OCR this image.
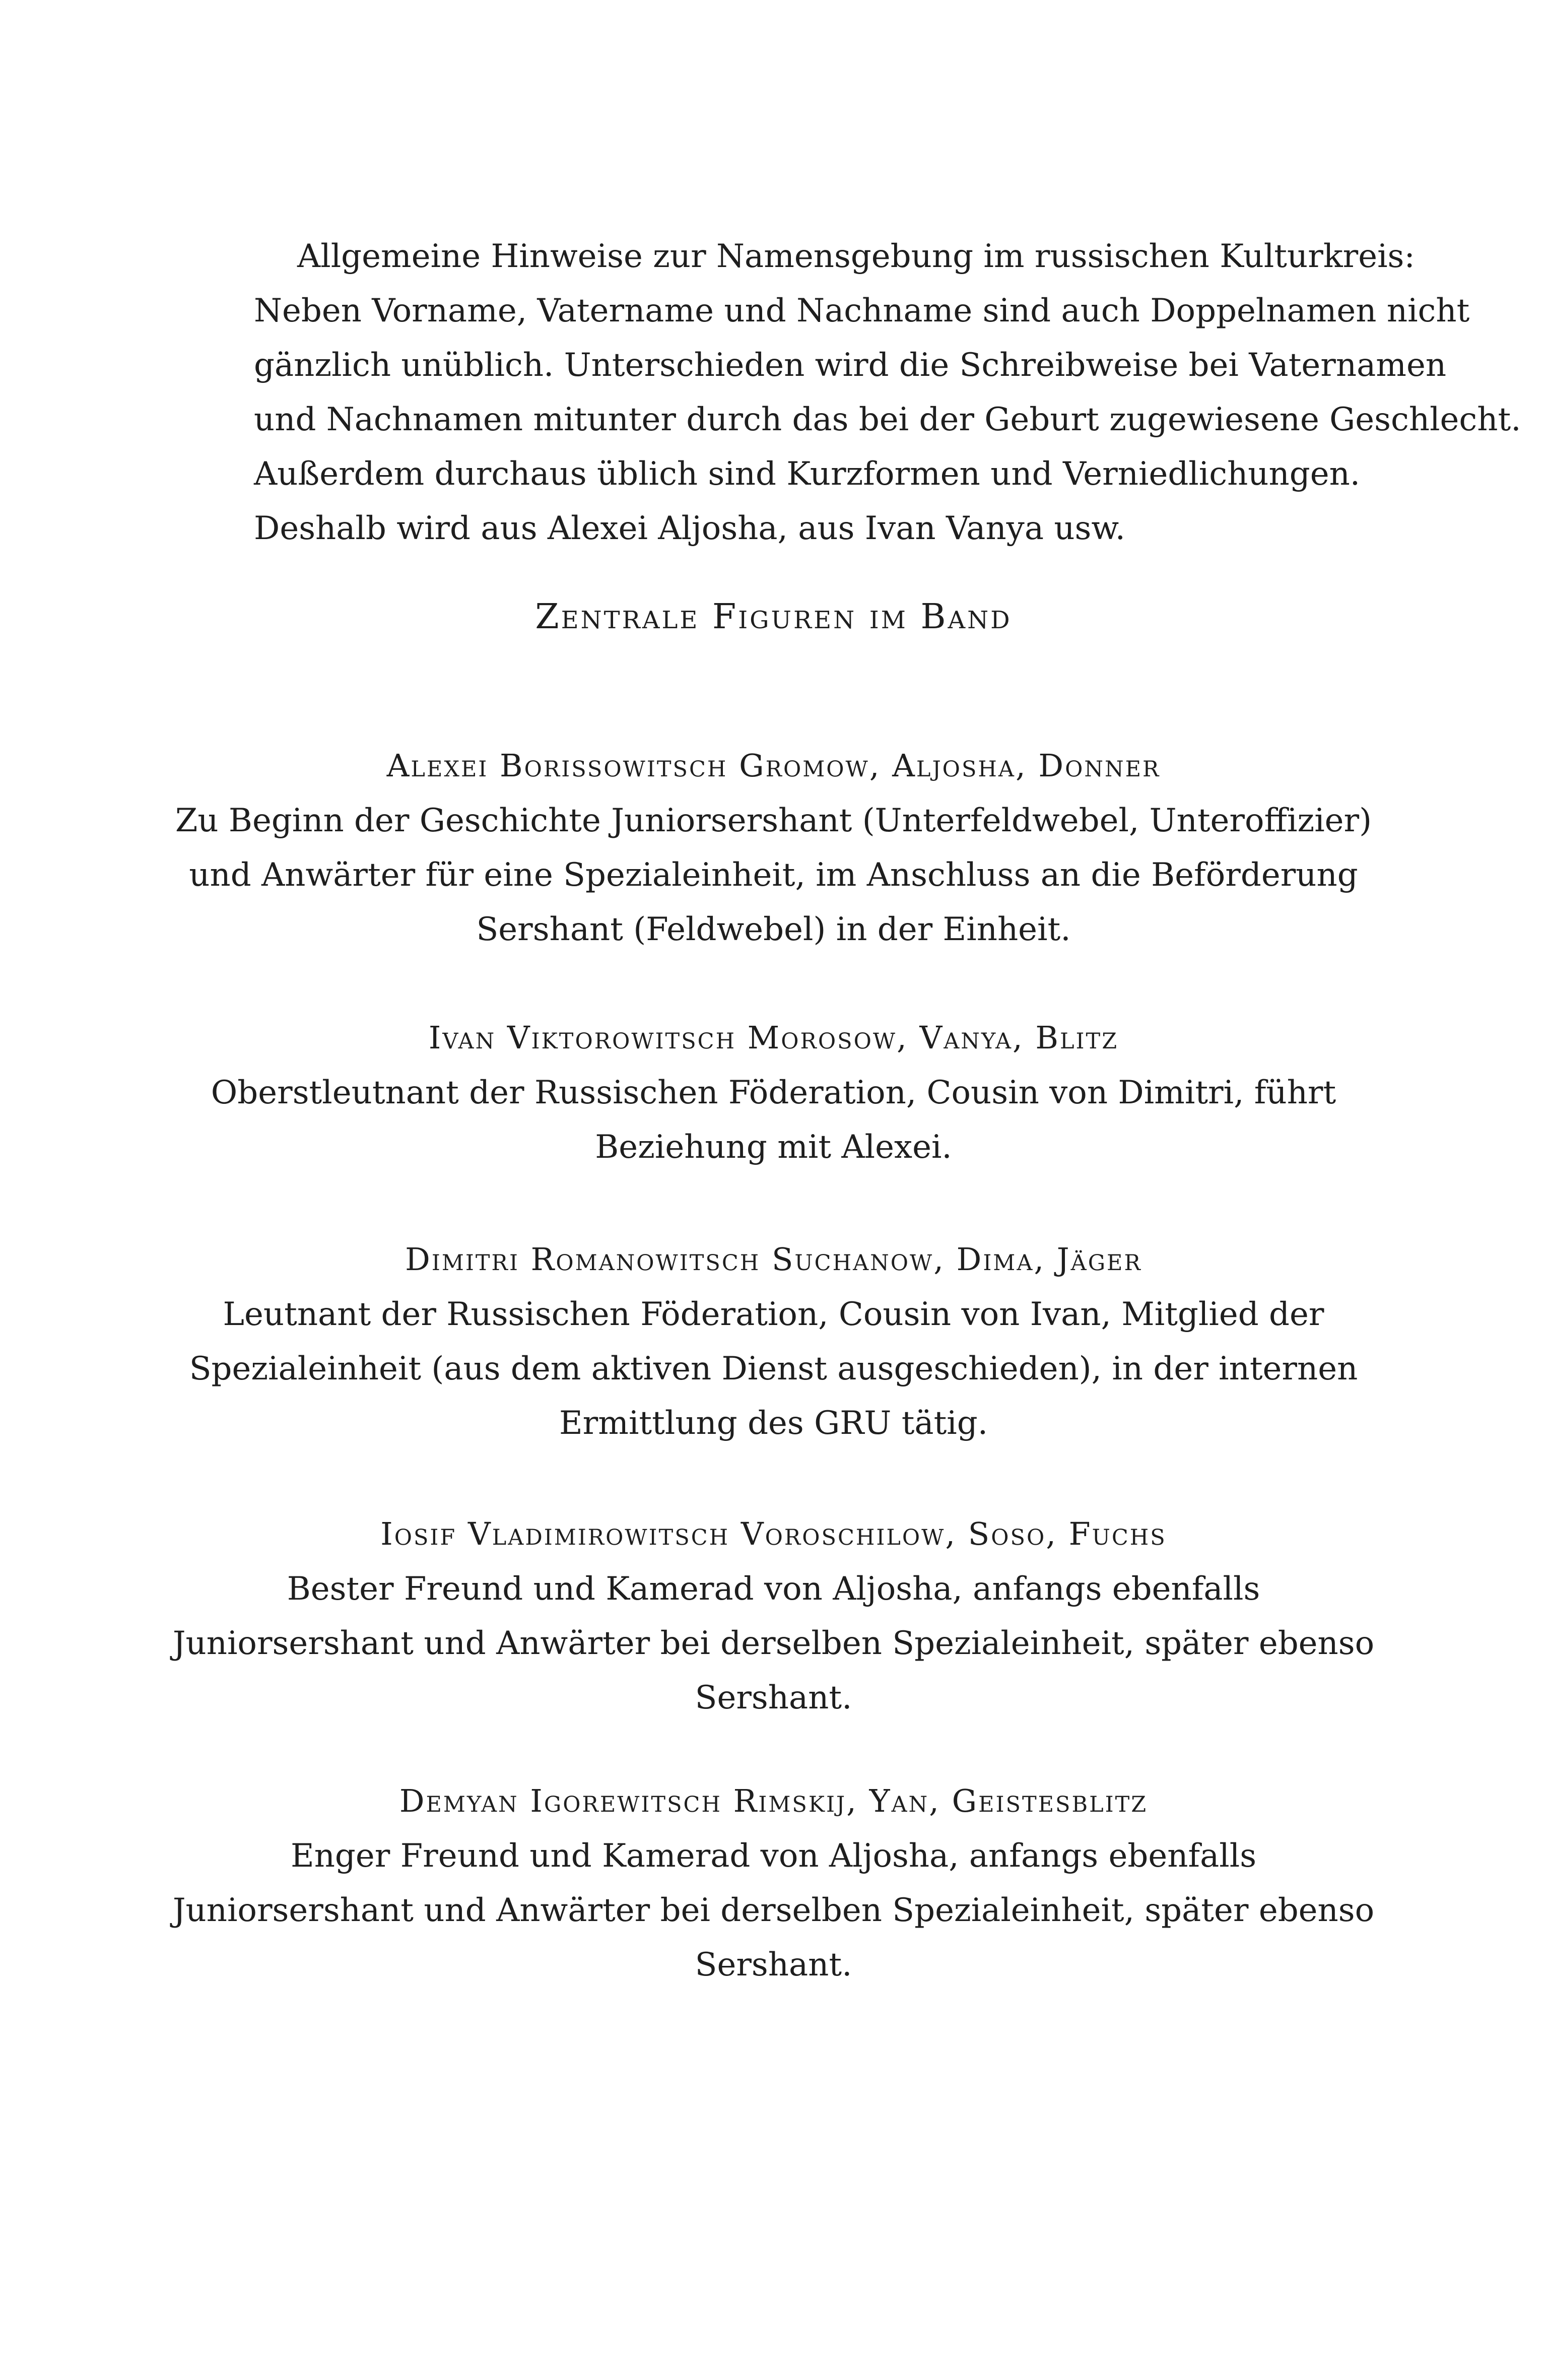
Allgemeine Hinweise zur Namensgebung im russischen Kulturkreis:
Neben Vorname, Vatername und Nachname sind auch Doppelnamen nicht
gänzlich unüblich. Unterschieden wird die Schreibweise bei Vaternamen
und Nachnamen mitunter durch das bei der Geburt zugewiesene Geschlecht.
Außerdem durchaus üblich sind Kurzformen und Verniedlichungen.
Deshalb wird aus Alexei Aljosha, aus Ivan Vanya usw.

Zentrale Figuren im Band
Alexei Borissowitsch Gromow, Aljosha, Donner

Zu Beginn der Geschichte Juniorsershant (Unterfeldwebel, Unteroffizier)
und Anwärter für eine Spezialeinheit, im Anschluss an die Beförderung
Sershant (Feldwebel) in der Einheit.

Ivan Viktorowitsch Morosow, Vanya, Blitz

Oberstleutnant der Russischen Föderation, Cousin von Dimitri, führt
Beziehung mit Alexei.

Dimitri Romanowitsch Suchanow, Dima, Jäger

Leutnant der Russischen Föderation, Cousin von Ivan, Mitglied der
Spezialeinheit (aus dem aktiven Dienst ausgeschieden), in der internen
Ermittlung des GRU tätig.

Iosif Vladimirowitsch Voroschilow, Soso, Fuchs

Bester Freund und Kamerad von Aljosha, anfangs ebenfalls
Juniorsershant und Anwärter bei derselben Spezialeinheit, später ebenso
Sershant.

Demyan Igorewitsch Rimskij, Yan, Geistesblitz

Enger Freund und Kamerad von Aljosha, anfangs ebenfalls
Juniorsershant und Anwärter bei derselben Spezialeinheit, später ebenso
Sershant.
